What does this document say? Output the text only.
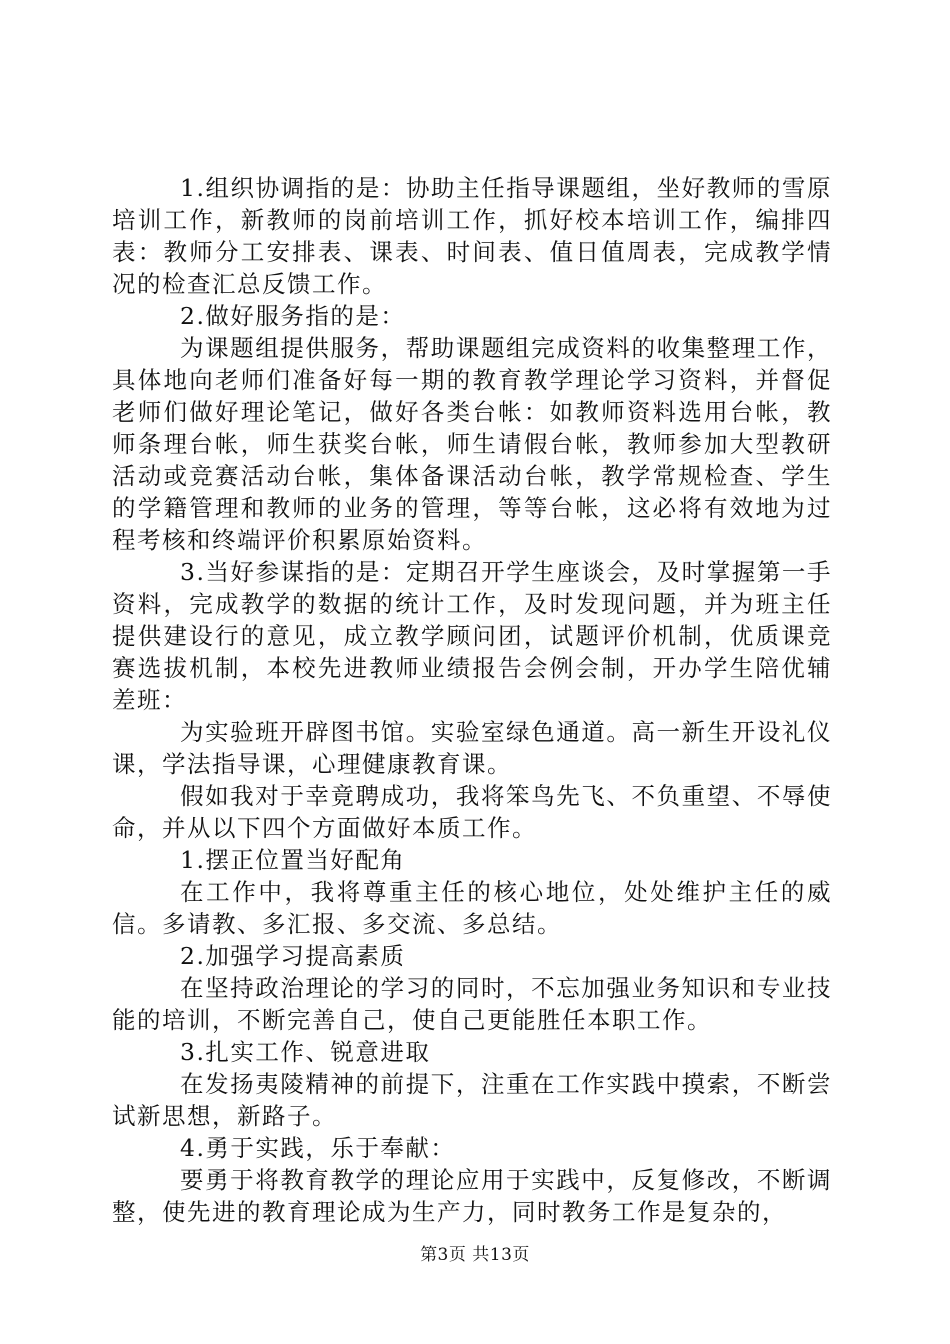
1.组织协调指的是：协助主任指导课题组，坐好教师的雪原培训工作，新教师的岗前培训工作，抓好校本培训工作，编排四表：教师分工安排表、课表、时间表、值日值周表，完成教学情况的检查汇总反馈工作。

2.做好服务指的是：

为课题组提供服务，帮助课题组完成资料的收集整理工作，具体地向老师们准备好每一期的教育教学理论学习资料，并督促老师们做好理论笔记，做好各类台帐：如教师资料选用台帐，教师条理台帐，师生获奖台帐，师生请假台帐，教师参加大型教研活动或竞赛活动台帐，集体备课活动台帐，教学常规检查、学生的学籍管理和教师的业务的管理，等等台帐，这必将有效地为过程考核和终端评价积累原始资料。

3.当好参谋指的是：定期召开学生座谈会，及时掌握第一手资料，完成教学的数据的统计工作，及时发现问题，并为班主任提供建设行的意见，成立教学顾问团，试题评价机制，优质课竞赛选拔机制，本校先进教师业绩报告会例会制，开办学生陪优辅差班：

为实验班开辟图书馆。实验室绿色通道。高一新生开设礼仪课，学法指导课，心理健康教育课。

假如我对于幸竟聘成功，我将笨鸟先飞、不负重望、不辱使命，并从以下四个方面做好本质工作。

1.摆正位置当好配角

在工作中，我将尊重主任的核心地位，处处维护主任的威信。多请教、多汇报、多交流、多总结。

2.加强学习提高素质

在坚持政治理论的学习的同时，不忘加强业务知识和专业技能的培训，不断完善自己，使自己更能胜任本职工作。

3.扎实工作、锐意进取

在发扬夷陵精神的前提下，注重在工作实践中摸索，不断尝试新思想，新路子。

4.勇于实践，乐于奉献：

要勇于将教育教学的理论应用于实践中，反复修改，不断调整，使先进的教育理论成为生产力，同时教务工作是复杂的，

第3页 共13页
